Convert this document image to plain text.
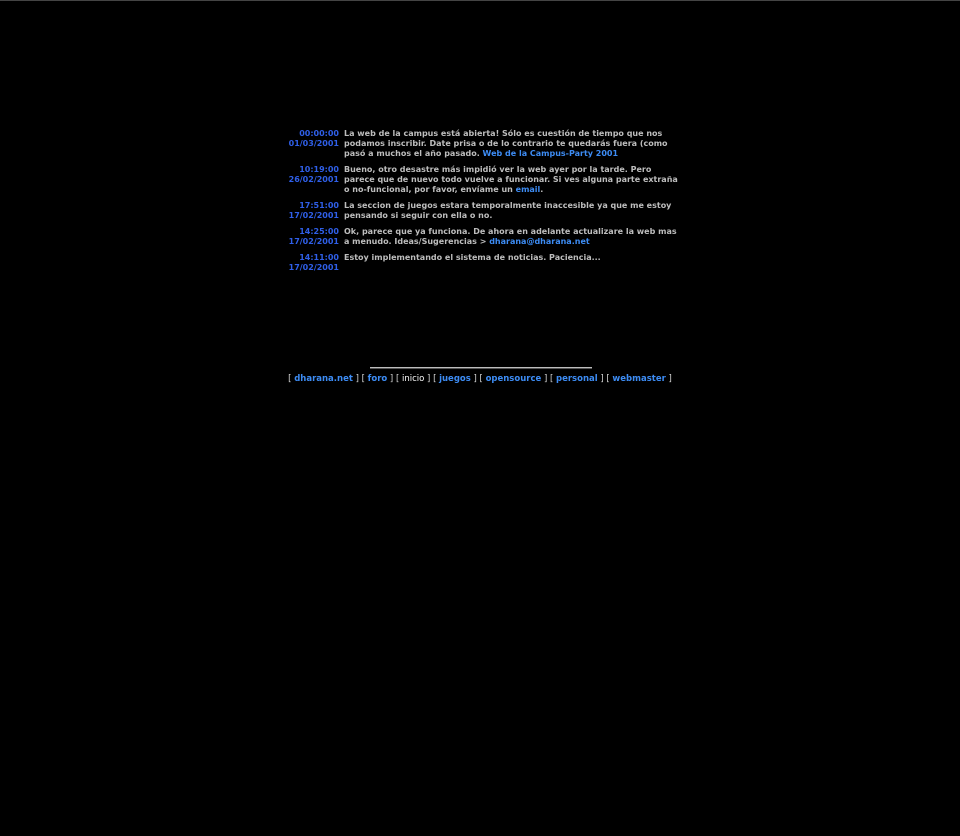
00:00:00
01/03/2001
La web de la campus está abierta! Sólo es cuestión de tiempo que nos podamos inscribir. Date prisa o de lo contrario te quedarás fuera (como pasó a muchos el año pasado. Web de la Campus-Party 2001
10:19:00
26/02/2001
Bueno, otro desastre más impidió ver la web ayer por la tarde. Pero parece que de nuevo todo vuelve a funcionar. Si ves alguna parte extraña o no-funcional, por favor, envíame un email.
17:51:00
17/02/2001
La seccion de juegos estara temporalmente inaccesible ya que me estoy pensando si seguir con ella o no.
14:25:00
17/02/2001
Ok, parece que ya funciona. De ahora en adelante actualizare la web mas a menudo. Ideas/Sugerencias > dharana@dharana.net
14:11:00
17/02/2001
Estoy implementando el sistema de noticias. Paciencia...
[ dharana.net ] [ foro ] [ inicio ] [ juegos ] [ opensource ] [ personal ] [ webmaster ]
